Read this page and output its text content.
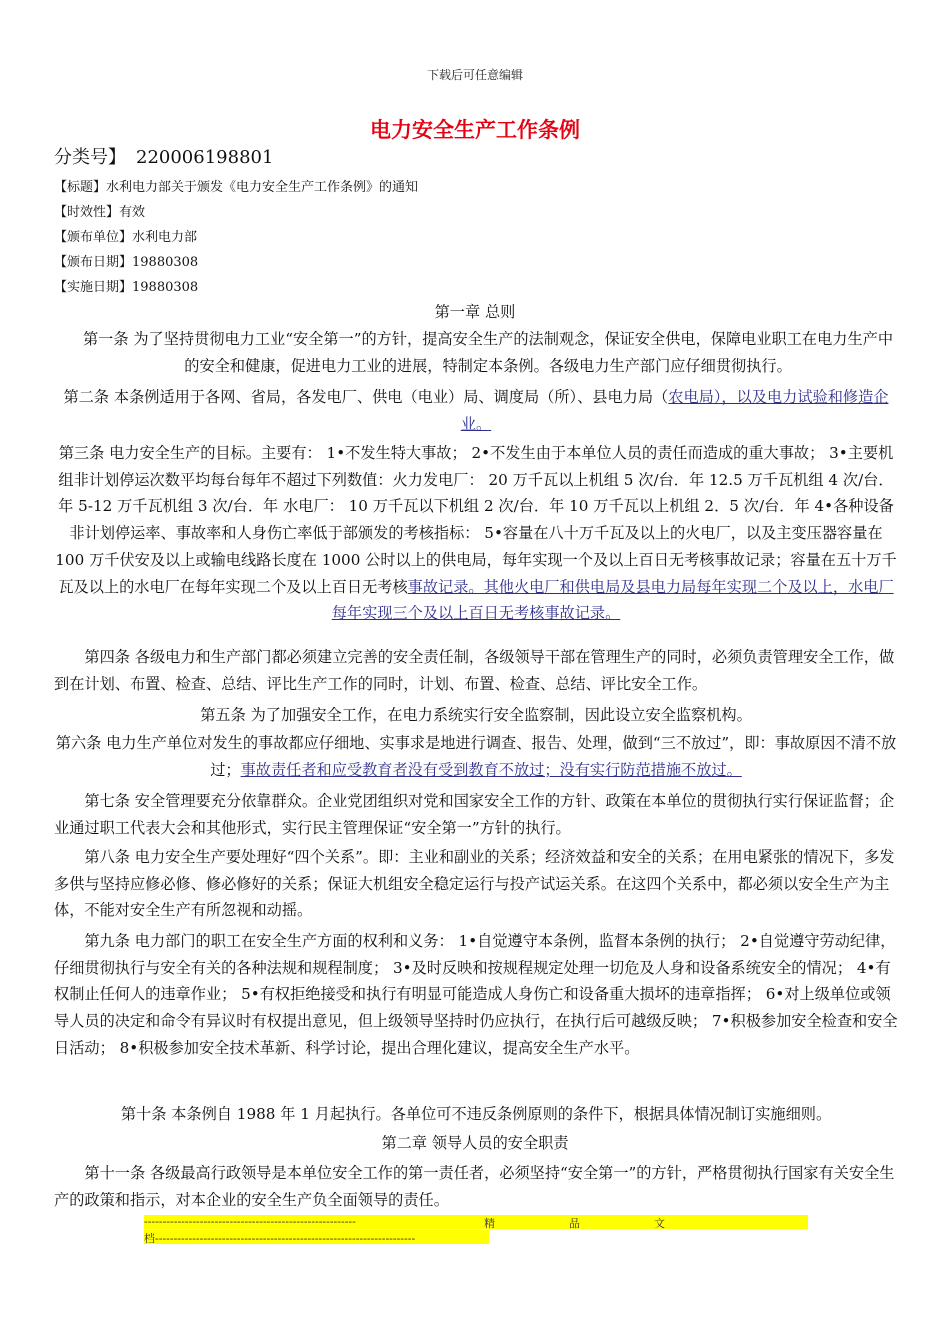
下载后可任意编辑
电力安全生产工作条例
分类号】 220006198801
【标题】水利电力部关于颁发《电力安全生产工作条例》的通知
【时效性】有效
【颁布单位】水利电力部
【颁布日期】19880308
【实施日期】19880308
第一章 总则
第一条 为了坚持贯彻电力工业“安全第一”的方针，提高安全生产的法制观念，保证安全供电，保障电业职工在电力生产中的安全和健康，促进电力工业的进展，特制定本条例。各级电力生产部门应仔细贯彻执行。
第二条 本条例适用于各网、省局，各发电厂、供电（电业）局、调度局（所）、县电力局（农电局），以及电力试验和修造企业。
第三条 电力安全生产的目标。主要有： 1•不发生特大事故； 2•不发生由于本单位人员的责任而造成的重大事故； 3•主要机组非计划停运次数平均每台每年不超过下列数值：火力发电厂： 20 万千瓦以上机组 5 次/台．年 12.5 万千瓦机组 4 次/台．年 5-12 万千瓦机组 3 次/台．年 水电厂： 10 万千瓦以下机组 2 次/台．年 10 万千瓦以上机组 2．5 次/台．年 4•各种设备非计划停运率、事故率和人身伤亡率低于部颁发的考核指标： 5•容量在八十万千瓦及以上的火电厂，以及主变压器容量在 100 万千伏安及以上或输电线路长度在 1000 公时以上的供电局，每年实现一个及以上百日无考核事故记录；容量在五十万千瓦及以上的水电厂在每年实现二个及以上百日无考核事故记录。其他火电厂和供电局及县电力局每年实现二个及以上，水电厂每年实现三个及以上百日无考核事故记录。
第四条 各级电力和生产部门都必须建立完善的安全责任制，各级领导干部在管理生产的同时，必须负责管理安全工作，做到在计划、布置、检查、总结、评比生产工作的同时，计划、布置、检查、总结、评比安全工作。
第五条 为了加强安全工作，在电力系统实行安全监察制，因此设立安全监察机构。
第六条 电力生产单位对发生的事故都应仔细地、实事求是地进行调查、报告、处理，做到“三不放过”，即：事故原因不清不放过；事故责任者和应受教育者没有受到教育不放过；没有实行防范措施不放过。
第七条 安全管理要充分依靠群众。企业党团组织对党和国家安全工作的方针、政策在本单位的贯彻执行实行保证监督；企业通过职工代表大会和其他形式，实行民主管理保证“安全第一”方针的执行。
第八条 电力安全生产要处理好“四个关系”。即：主业和副业的关系；经济效益和安全的关系；在用电紧张的情况下，多发多供与坚持应修必修、修必修好的关系；保证大机组安全稳定运行与投产试运关系。在这四个关系中，都必须以安全生产为主体，不能对安全生产有所忽视和动摇。
第九条 电力部门的职工在安全生产方面的权利和义务： 1•自觉遵守本条例，监督本条例的执行； 2•自觉遵守劳动纪律，仔细贯彻执行与安全有关的各种法规和规程制度； 3•及时反映和按规程规定处理一切危及人身和设备系统安全的情况； 4•有权制止任何人的违章作业； 5•有权拒绝接受和执行有明显可能造成人身伤亡和设备重大损坏的违章指挥； 6•对上级单位或领导人员的决定和命令有异议时有权提出意见，但上级领导坚持时仍应执行，在执行后可越级反映； 7•积极参加安全检查和安全日活动； 8•积极参加安全技术革新、科学讨论，提出合理化建议，提高安全生产水平。
第十条 本条例自 1988 年 1 月起执行。各单位可不违反条例原则的条件下，根据具体情况制订实施细则。
第二章 领导人员的安全职责
第十一条 各级最高行政领导是本单位安全工作的第一责任者，必须坚持“安全第一”的方针，严格贯彻执行国家有关安全生产的政策和指示，对本企业的安全生产负全面领导的责任。
---------------------------------------------------------	精品文
档----------------------------------------------------------------------
